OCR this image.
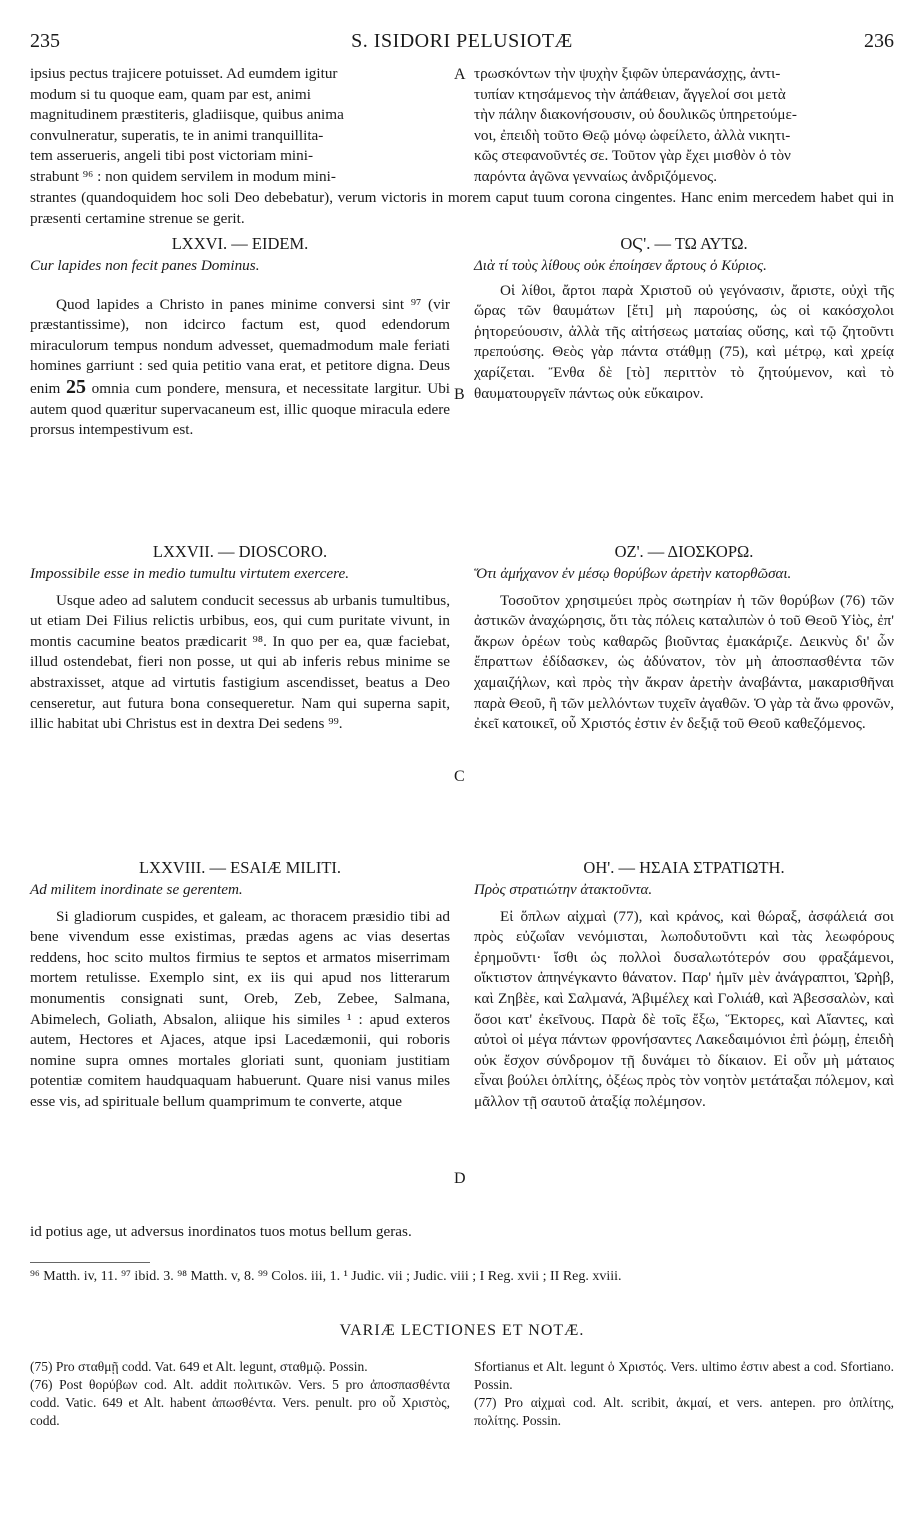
235	S. ISIDORI PELUSIOTÆ	236
ipsius pectus trajicere potuisset. Ad eumdem igitur
modum si tu quoque eam, quam par est, animi
magnitudinem præstiteris, gladiisque, quibus anima
convulneratur, superatis, te in animi tranquillita-
tem asserueris, angeli tibi post victoriam mini-
strabunt ⁹⁶ : non quidem servilem in modum mini-
A τρωσκόντων τὴν ψυχὴν ξιφῶν ὑπερανάσχῃς, ἀντι-
τυπίαν κτησάμενος τὴν ἀπάθειαν, ἄγγελοί σοι μετὰ
τὴν πάλην διακονήσουσιν, οὐ δουλικῶς ὑπηρετούμε-
νοι, ἐπειδὴ τοῦτο Θεῷ μόνῳ ὠφείλετο, ἀλλὰ νικητι-
κῶς στεφανοῦντές σε. Τοῦτον γὰρ ἔχει μισθὸν ὁ τὸν
παρόντα ἀγῶνα γενναίως ἀνδριζόμενος.

strantes (quandoquidem hoc soli Deo debebatur), verum victoris in morem caput tuum corona cingentes. Hanc enim mercedem habet qui in præsenti certamine strenue se gerit.

LXXVI. — EIDEM.

Cur lapides non fecit panes Dominus.

Quod lapides a Christo in panes minime conversi sint ⁹⁷ (vir præstantissime), non idcirco factum est, quod edendorum miraculorum tempus nondum advesset, quemadmodum male feriati homines garriunt : sed quia petitio vana erat, et petitore digna. Deus enim 25 omnia cum pondere, mensura, et necessitate largitur. Ubi autem quod quæritur supervacaneum est, illic quoque miracula edere prorsus intempestivum est.

B
ΟϚ'. — ΤΩ ΑΥΤΩ.

Διὰ τί τοὺς λίθους οὐκ ἐποίησεν ἄρτους ὁ Κύριος.

Οἱ λίθοι, ἄρτοι παρὰ Χριστοῦ οὐ γεγόνασιν, ἄριστε, οὐχὶ τῆς ὥρας τῶν θαυμάτων [ἔτι] μὴ παρούσης, ὡς οἱ κακόσχολοι ῥητορεύουσιν, ἀλλὰ τῆς αἰτήσεως ματαίας οὔσης, καὶ τῷ ζητοῦντι πρεπούσης. Θεὸς γὰρ πάντα στάθμῃ (75), καὶ μέτρῳ, καὶ χρείᾳ χαρίζεται. Ἔνθα δὲ [τὸ] περιττὸν τὸ ζητούμενον, καὶ τὸ θαυματουργεῖν πάντως οὐκ εὔκαιρον.

LXXVII. — DIOSCORO.

Impossibile esse in medio tumultu virtutem exercere.

Usque adeo ad salutem conducit secessus ab urbanis tumultibus, ut etiam Dei Filius relictis urbibus, eos, qui cum puritate vivunt, in montis cacumine beatos prædicarit ⁹⁸. In quo per ea, quæ faciebat, illud ostendebat, fieri non posse, ut qui ab inferis rebus minime se abstraxisset, atque ad virtutis fastigium ascendisset, beatus a Deo censeretur, aut futura bona consequeretur. Nam qui superna sapit, illic habitat ubi Christus est in dextra Dei sedens ⁹⁹.

C
ΟΖ'. — ΔΙΟΣΚΟΡΩ.

Ὅτι ἀμήχανον ἐν μέσῳ θορύβων ἀρετὴν κατορθῶσαι.

Τοσοῦτον χρησιμεύει πρὸς σωτηρίαν ἡ τῶν θορύβων (76) τῶν ἀστικῶν ἀναχώρησις, ὅτι τὰς πόλεις καταλιπὼν ὁ τοῦ Θεοῦ Υἱὸς, ἐπ' ἄκρων ὀρέων τοὺς καθαρῶς βιοῦντας ἐμακάριζε. Δεικνὺς δι' ὧν ἔπραττων ἐδίδασκεν, ὡς ἀδύνατον, τὸν μὴ ἀποσπασθέντα τῶν χαμαιζήλων, καὶ πρὸς τὴν ἄκραν ἀρετὴν ἀναβάντα, μακαρισθῆναι παρὰ Θεοῦ, ἢ τῶν μελλόντων τυχεῖν ἀγαθῶν. Ὁ γὰρ τὰ ἄνω φρονῶν, ἐκεῖ κατοικεῖ, οὗ Χριστός ἐστιν ἐν δεξιᾷ τοῦ Θεοῦ καθεζόμενος.

LXXVIII. — ESAIÆ MILITI.

Ad militem inordinate se gerentem.

Si gladiorum cuspides, et galeam, ac thoracem præsidio tibi ad bene vivendum esse existimas, prædas agens ac vias desertas reddens, hoc scito multos firmius te septos et armatos miserrimam mortem retulisse. Exemplo sint, ex iis qui apud nos litterarum monumentis consignati sunt, Oreb, Zeb, Zebee, Salmana, Abimelech, Goliath, Absalon, aliique his similes ¹ : apud exteros autem, Hectores et Ajaces, atque ipsi Lacedæmonii, qui roboris nomine supra omnes mortales gloriati sunt, quoniam justitiam potentiæ comitem haudquaquam habuerunt. Quare nisi vanus miles esse vis, ad spirituale bellum quamprimum te converte, atque

D
ΟΗ'. — ΗΣΑΙΑ ΣΤΡΑΤΙΩΤΗ.

Πρὸς στρατιώτην ἀτακτοῦντα.

Εἰ ὅπλων αἰχμαὶ (77), καὶ κράνος, καὶ θώραξ, ἀσφάλειά σοι πρὸς εὐζωΐαν νενόμισται, λωποδυτοῦντι καὶ τὰς λεωφόρους ἐρημοῦντι· ἴσθι ὡς πολλοὶ δυσαλωτότερόν σου φραξάμενοι, οἴκτιστον ἀπηνέγκαντο θάνατον. Παρ' ἡμῖν μὲν ἀνάγραπτοι, Ὠρὴβ, καὶ Ζηβὲε, καὶ Σαλμανά, Ἀβιμέλεχ καὶ Γολιάθ, καὶ Ἀβεσσαλὼν, καὶ ὅσοι κατ' ἐκεῖνους. Παρὰ δὲ τοῖς ἔξω, Ἕκτορες, καὶ Αἴαντες, καὶ αὐτοὶ οἱ μέγα πάντων φρονήσαντες Λακεδαιμόνιοι ἐπὶ ῥώμῃ, ἐπειδὴ οὐκ ἔσχον σύνδρομον τῇ δυνάμει τὸ δίκαιον. Εἰ οὖν μὴ μάταιος εἶναι βούλει ὁπλίτης, ὀξέως πρὸς τὸν νοητὸν μετάταξαι πόλεμον, καὶ μᾶλλον τῇ σαυτοῦ ἀταξίᾳ πολέμησον.

id potius age, ut adversus inordinatos tuos motus bellum geras.

⁹⁶ Matth. iv, 11. ⁹⁷ ibid. 3. ⁹⁸ Matth. v, 8. ⁹⁹ Colos. iii, 1. ¹ Judic. vii ; Judic. viii ; I Reg. xvii ; II Reg. xviii.
VARIÆ LECTIONES ET NOTÆ.

(75) Pro σταθμῇ codd. Vat. 649 et Alt. legunt, σταθμῷ. Possin.

(76) Post θορύβων cod. Alt. addit πολιτικῶν. Vers. 5 pro ἀποσπασθέντα codd. Vatic. 649 et Alt. habent ἀπωσθέντα. Vers. penult. pro οὗ Χριστὸς, codd.

Sfortianus et Alt. legunt ὁ Χριστός. Vers. ultimo ἐστιν abest a cod. Sfortiano. Possin.

(77) Pro αἰχμαὶ cod. Alt. scribit, ἀκμαί, et vers. antepen. pro ὁπλίτης, πολίτης. Possin.
